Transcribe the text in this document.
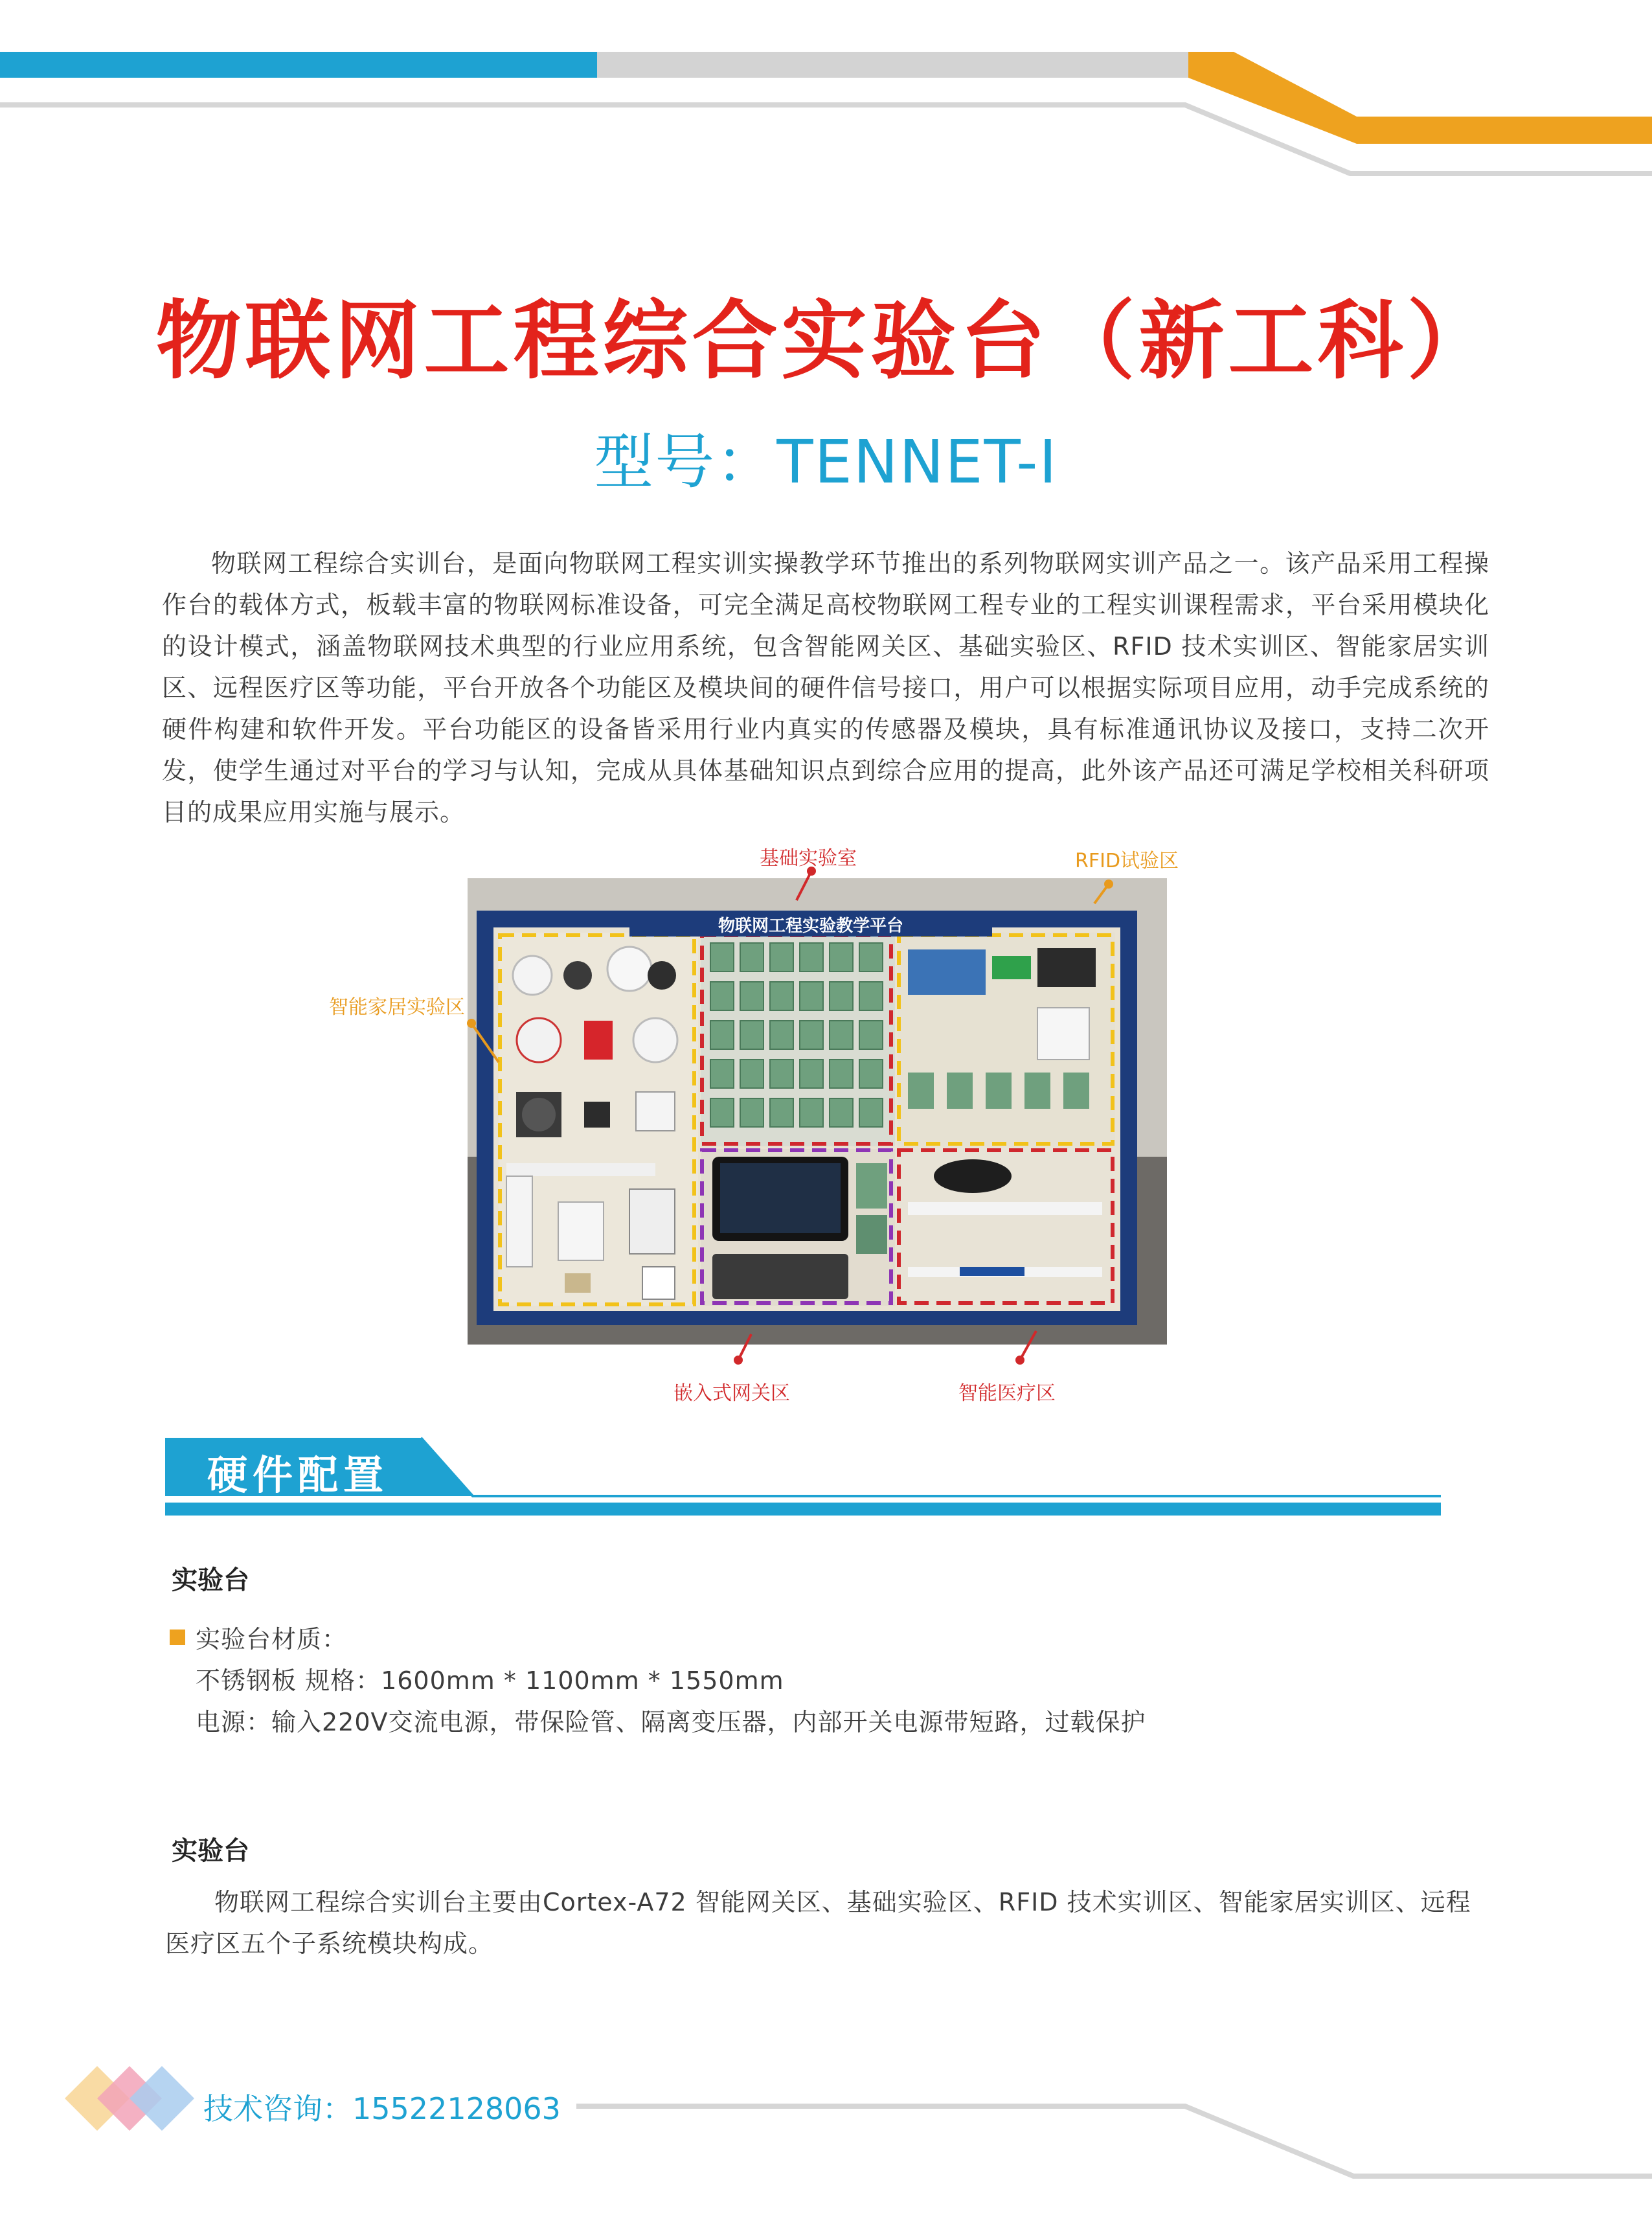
物联网工程综合实验台（新工科）
型号：TENNET-I
物联网工程综合实训台，是面向物联网工程实训实操教学环节推出的系列物联网实训产品之一。该产品采用工程操作台的载体方式，板载丰富的物联网标准设备，可完全满足高校物联网工程专业的工程实训课程需求，平台采用模块化的设计模式，涵盖物联网技术典型的行业应用系统，包含智能网关区、基础实验区、RFID 技术实训区、智能家居实训区、远程医疗区等功能，平台开放各个功能区及模块间的硬件信号接口，用户可以根据实际项目应用，动手完成系统的硬件构建和软件开发。平台功能区的设备皆采用行业内真实的传感器及模块，具有标准通讯协议及接口，支持二次开发，使学生通过对平台的学习与认知，完成从具体基础知识点到综合应用的提高，此外该产品还可满足学校相关科研项目的成果应用实施与展示。
物联网工程实验教学平台
基础实验室	RFID试验区
智能家居实验区
嵌入式网关区	智能医疗区
硬件配置
实验台
实验台材质：
不锈钢板 规格：1600mm * 1100mm * 1550mm
电源：输入220V交流电源，带保险管、隔离变压器，内部开关电源带短路，过载保护
实验台
物联网工程综合实训台主要由Cortex-A72 智能网关区、基础实验区、RFID 技术实训区、智能家居实训区、远程医疗区五个子系统模块构成。
技术咨询：15522128063
